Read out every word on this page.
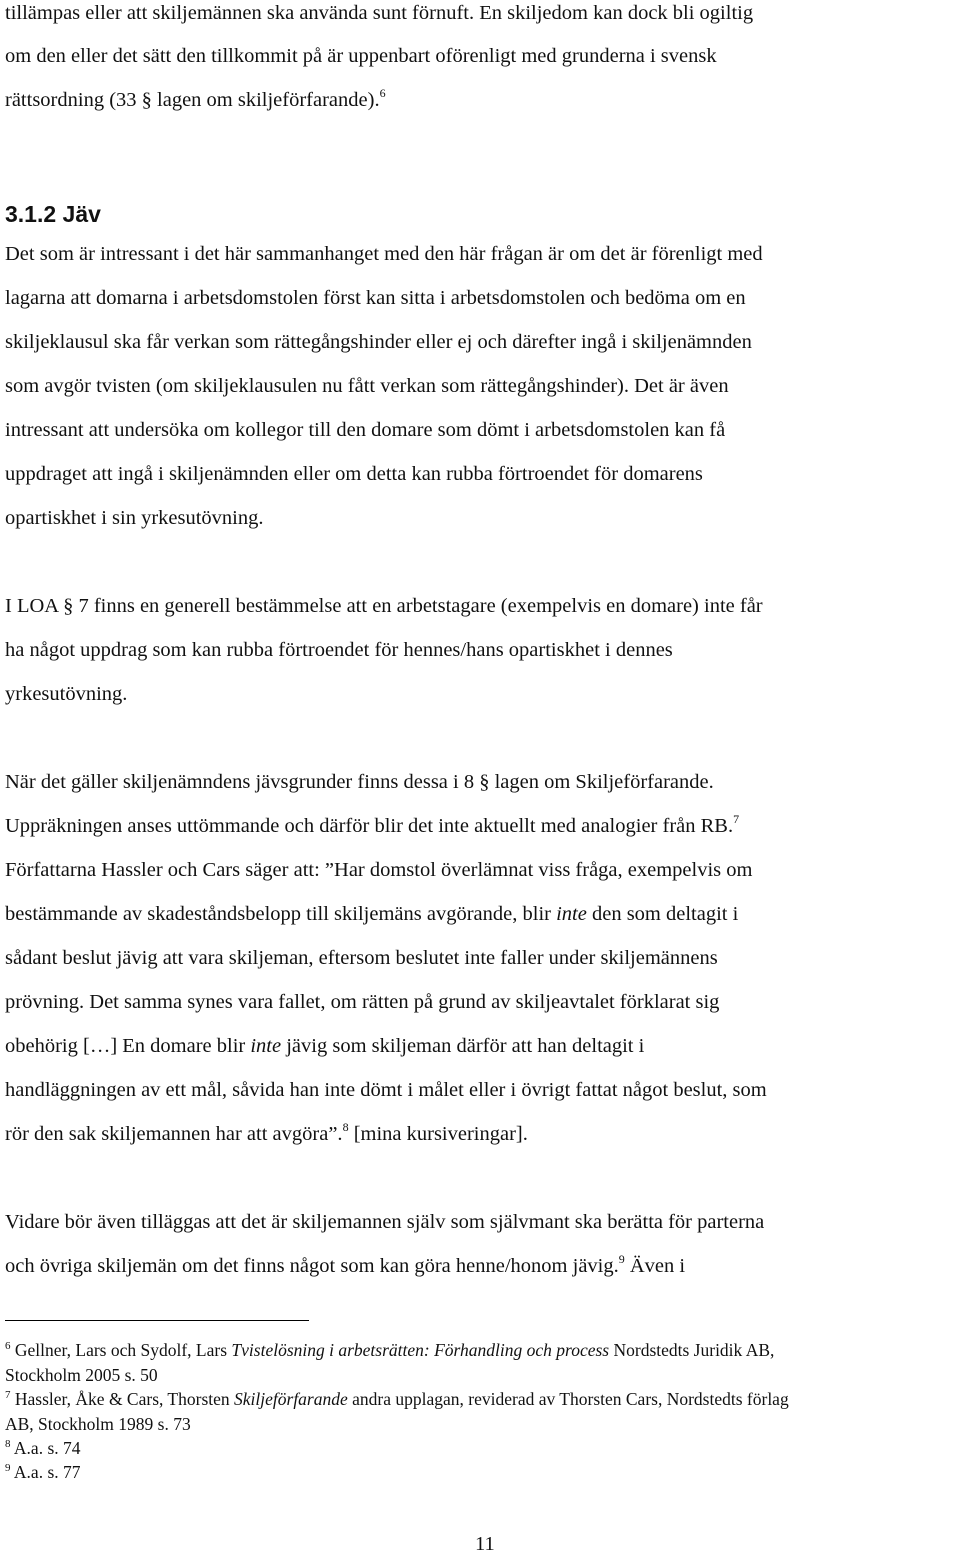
tillämpas eller att skiljemännen ska använda sunt förnuft. En skiljedom kan dock bli ogiltig
om den eller det sätt den tillkommit på är uppenbart oförenligt med grunderna i svensk
rättsordning (33 § lagen om skiljeförfarande).$^6$
3.1.2 Jäv
Det som är intressant i det här sammanhanget med den här frågan är om det är förenligt med
lagarna att domarna i arbetsdomstolen först kan sitta i arbetsdomstolen och bedöma om en
skiljeklausul ska får verkan som rättegångshinder eller ej och därefter ingå i skiljenämnden
som avgör tvisten (om skiljeklausulen nu fått verkan som rättegångshinder). Det är även
intressant att undersöka om kollegor till den domare som dömt i arbetsdomstolen kan få
uppdraget att ingå i skiljenämnden eller om detta kan rubba förtroendet för domarens
opartiskhet i sin yrkesutövning.
I LOA § 7 finns en generell bestämmelse att en arbetstagare (exempelvis en domare) inte får
ha något uppdrag som kan rubba förtroendet för hennes/hans opartiskhet i dennes
yrkesutövning.
När det gäller skiljenämndens jävsgrunder finns dessa i 8 § lagen om Skiljeförfarande.
Uppräkningen anses uttömmande och därför blir det inte aktuellt med analogier från RB.$^7$
Författarna Hassler och Cars säger att: ”Har domstol överlämnat viss fråga, exempelvis om
bestämmande av skadeståndsbelopp till skiljemäns avgörande, blir inte den som deltagit i
sådant beslut jävig att vara skiljeman, eftersom beslutet inte faller under skiljemännens
prövning. Det samma synes vara fallet, om rätten på grund av skiljeavtalet förklarat sig
obehörig […] En domare blir inte jävig som skiljeman därför att han deltagit i
handläggningen av ett mål, såvida han inte dömt i målet eller i övrigt fattat något beslut, som
rör den sak skiljemannen har att avgöra”.$^8$ [mina kursiveringar].
Vidare bör även tilläggas att det är skiljemannen själv som självmant ska berätta för parterna
och övriga skiljemän om det finns något som kan göra henne/honom jävig.$^9$ Även i
$^6$ Gellner, Lars och Sydolf, Lars Tvistelösning i arbetsrätten: Förhandling och process Nordstedts Juridik AB,
Stockholm 2005 s. 50
$^7$ Hassler, Åke & Cars, Thorsten Skiljeförfarande andra upplagan, reviderad av Thorsten Cars, Nordstedts förlag
AB, Stockholm 1989 s. 73
$^8$ A.a. s. 74
$^9$ A.a. s. 77
11
